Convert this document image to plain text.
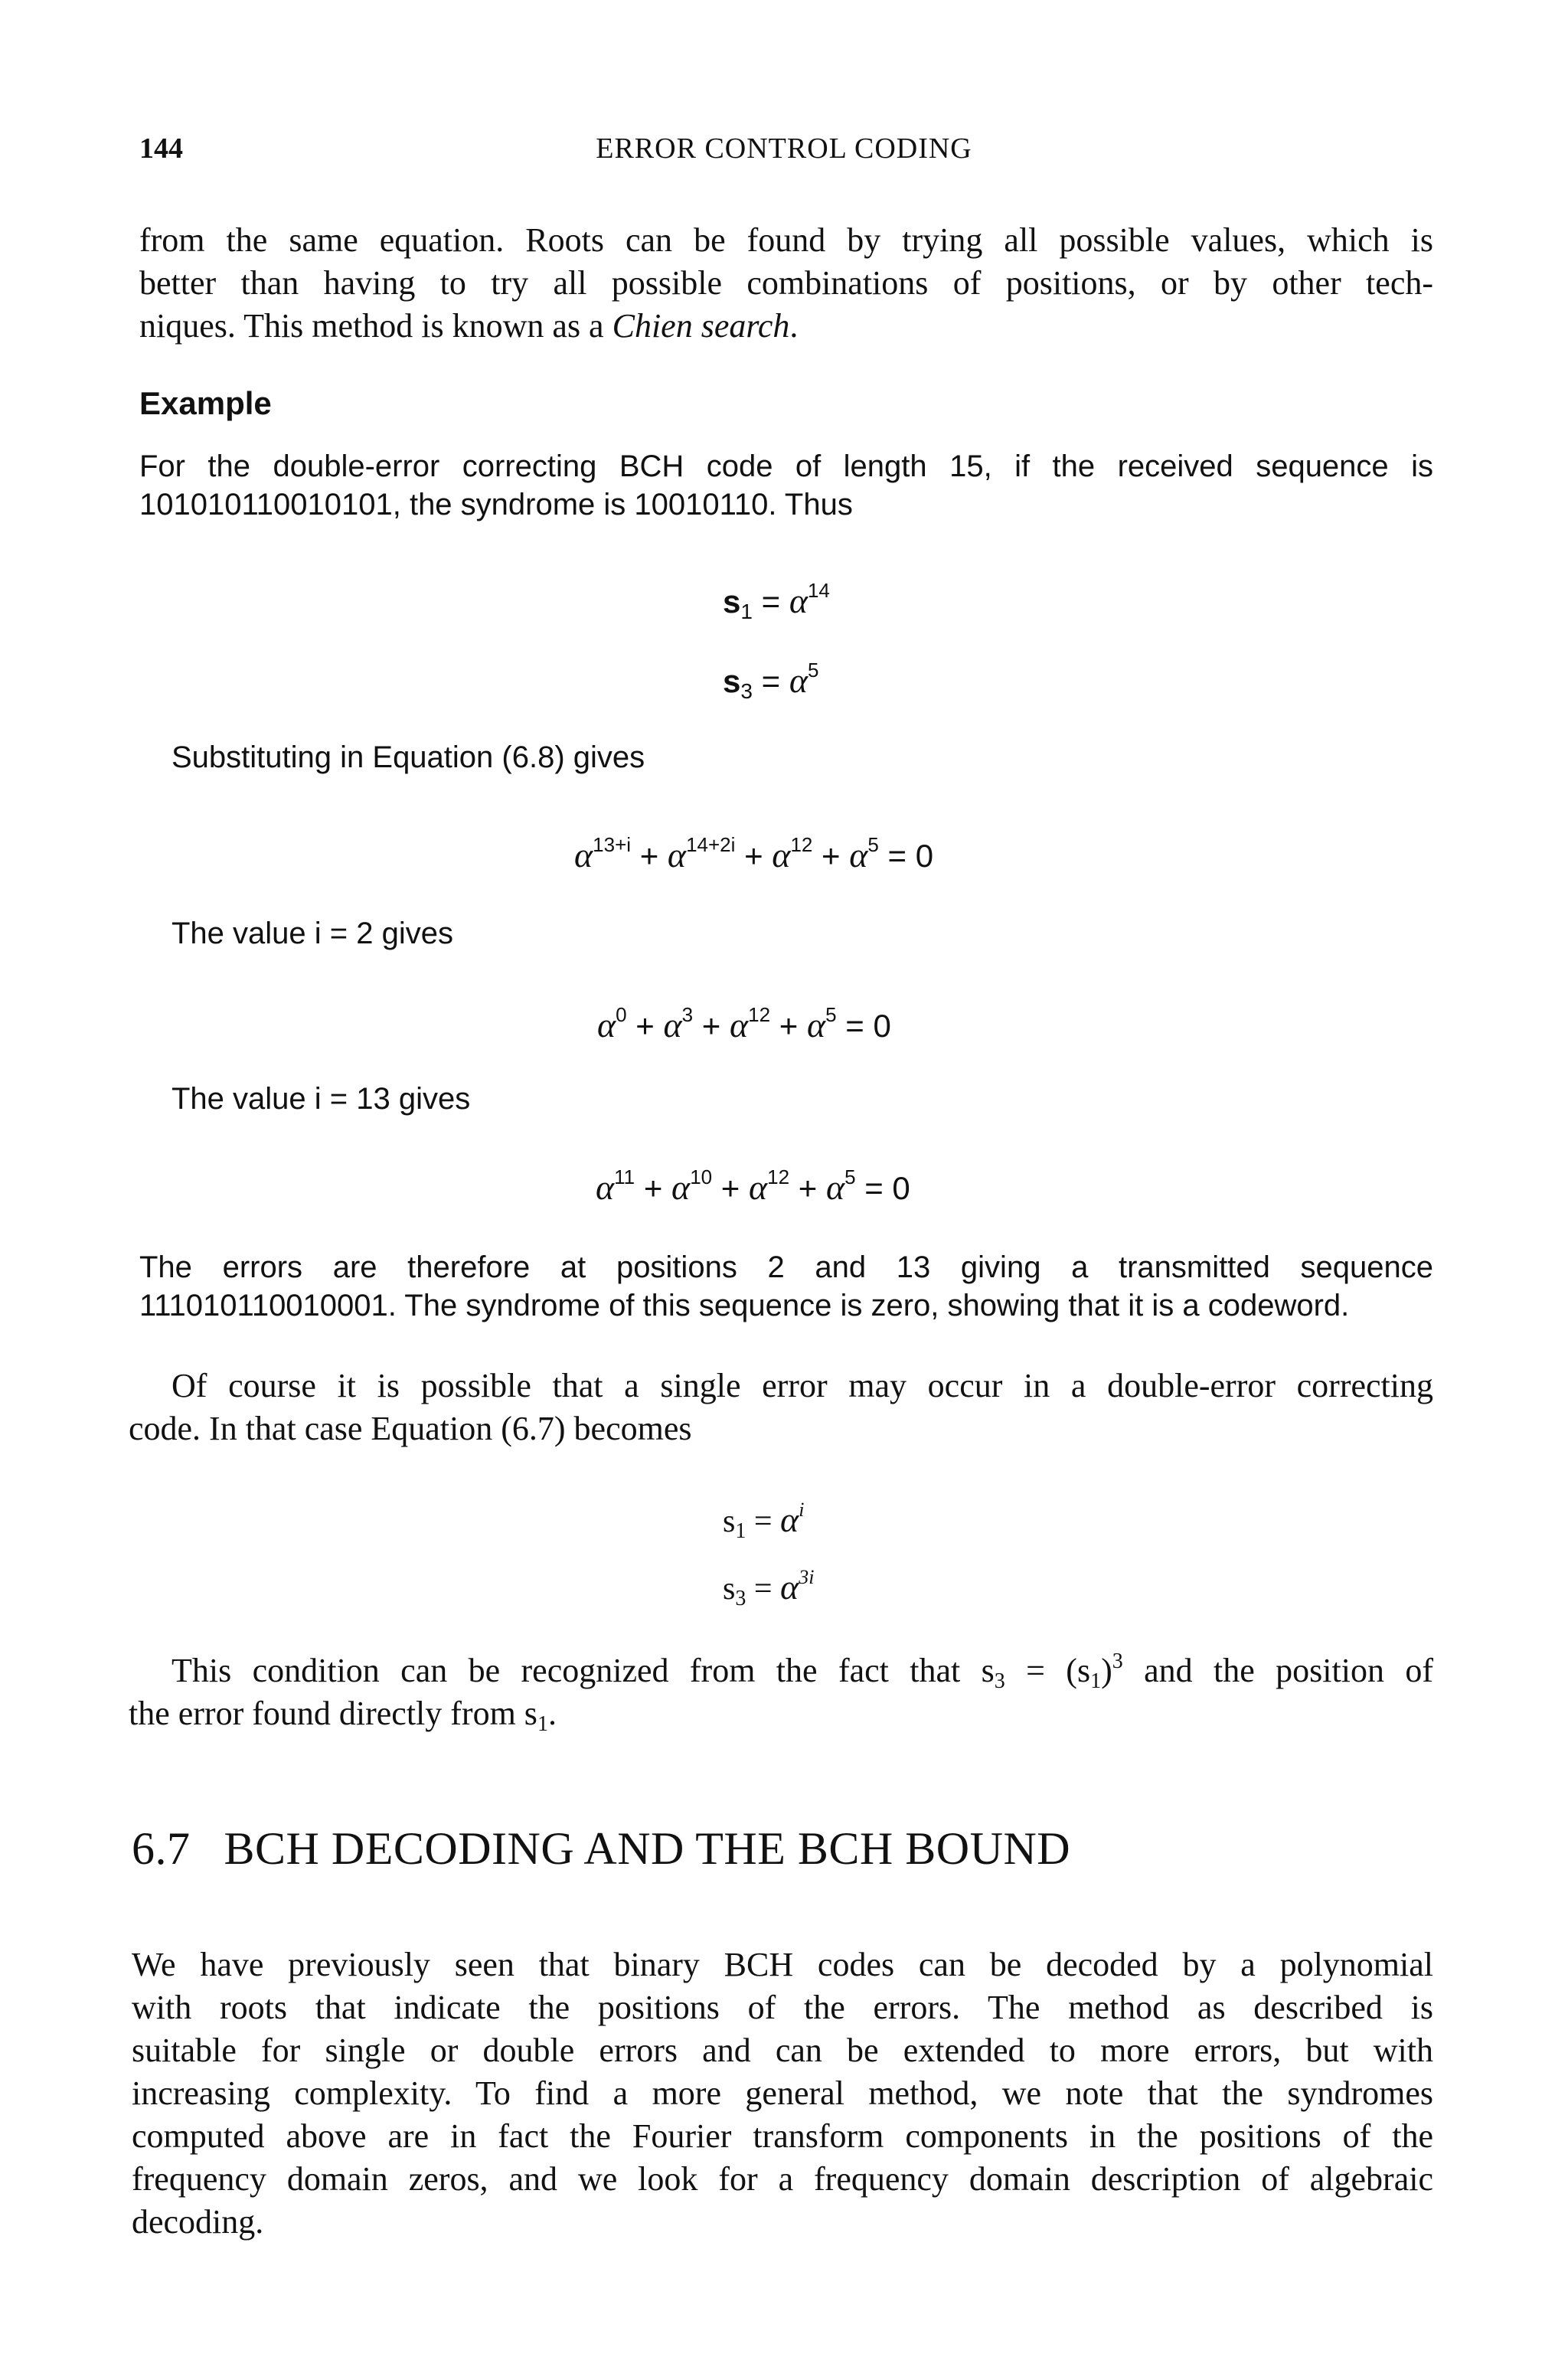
144	ERROR CONTROL CODING
from the same equation. Roots can be found by trying all possible values, which is
better than having to try all possible combinations of positions, or by other tech-
niques. This method is known as a Chien search.
Example
For the double-error correcting BCH code of length 15, if the received sequence is
101010110010101, the syndrome is 10010110. Thus
$s_1 = \alpha^{14}$
$s_3 = \alpha^5$
Substituting in Equation (6.8) gives
$\alpha^{13+i} + \alpha^{14+2i} + \alpha^{12} + \alpha^5 = 0$
The value i = 2 gives
$\alpha^0 + \alpha^3 + \alpha^{12} + \alpha^5 = 0$
The value i = 13 gives
$\alpha^{11} + \alpha^{10} + \alpha^{12} + \alpha^5 = 0$
The errors are therefore at positions 2 and 13 giving a transmitted sequence
111010110010001. The syndrome of this sequence is zero, showing that it is a codeword.
Of course it is possible that a single error may occur in a double-error correcting
code. In that case Equation (6.7) becomes
$s_1 = \alpha^i$
$s_3 = \alpha^{3i}$
This condition can be recognized from the fact that $s_3 = (s_1)^3$ and the position of
the error found directly from $s_1$.
6.7 BCH DECODING AND THE BCH BOUND
We have previously seen that binary BCH codes can be decoded by a polynomial
with roots that indicate the positions of the errors. The method as described is
suitable for single or double errors and can be extended to more errors, but with
increasing complexity. To find a more general method, we note that the syndromes
computed above are in fact the Fourier transform components in the positions of the
frequency domain zeros, and we look for a frequency domain description of algebraic
decoding.
